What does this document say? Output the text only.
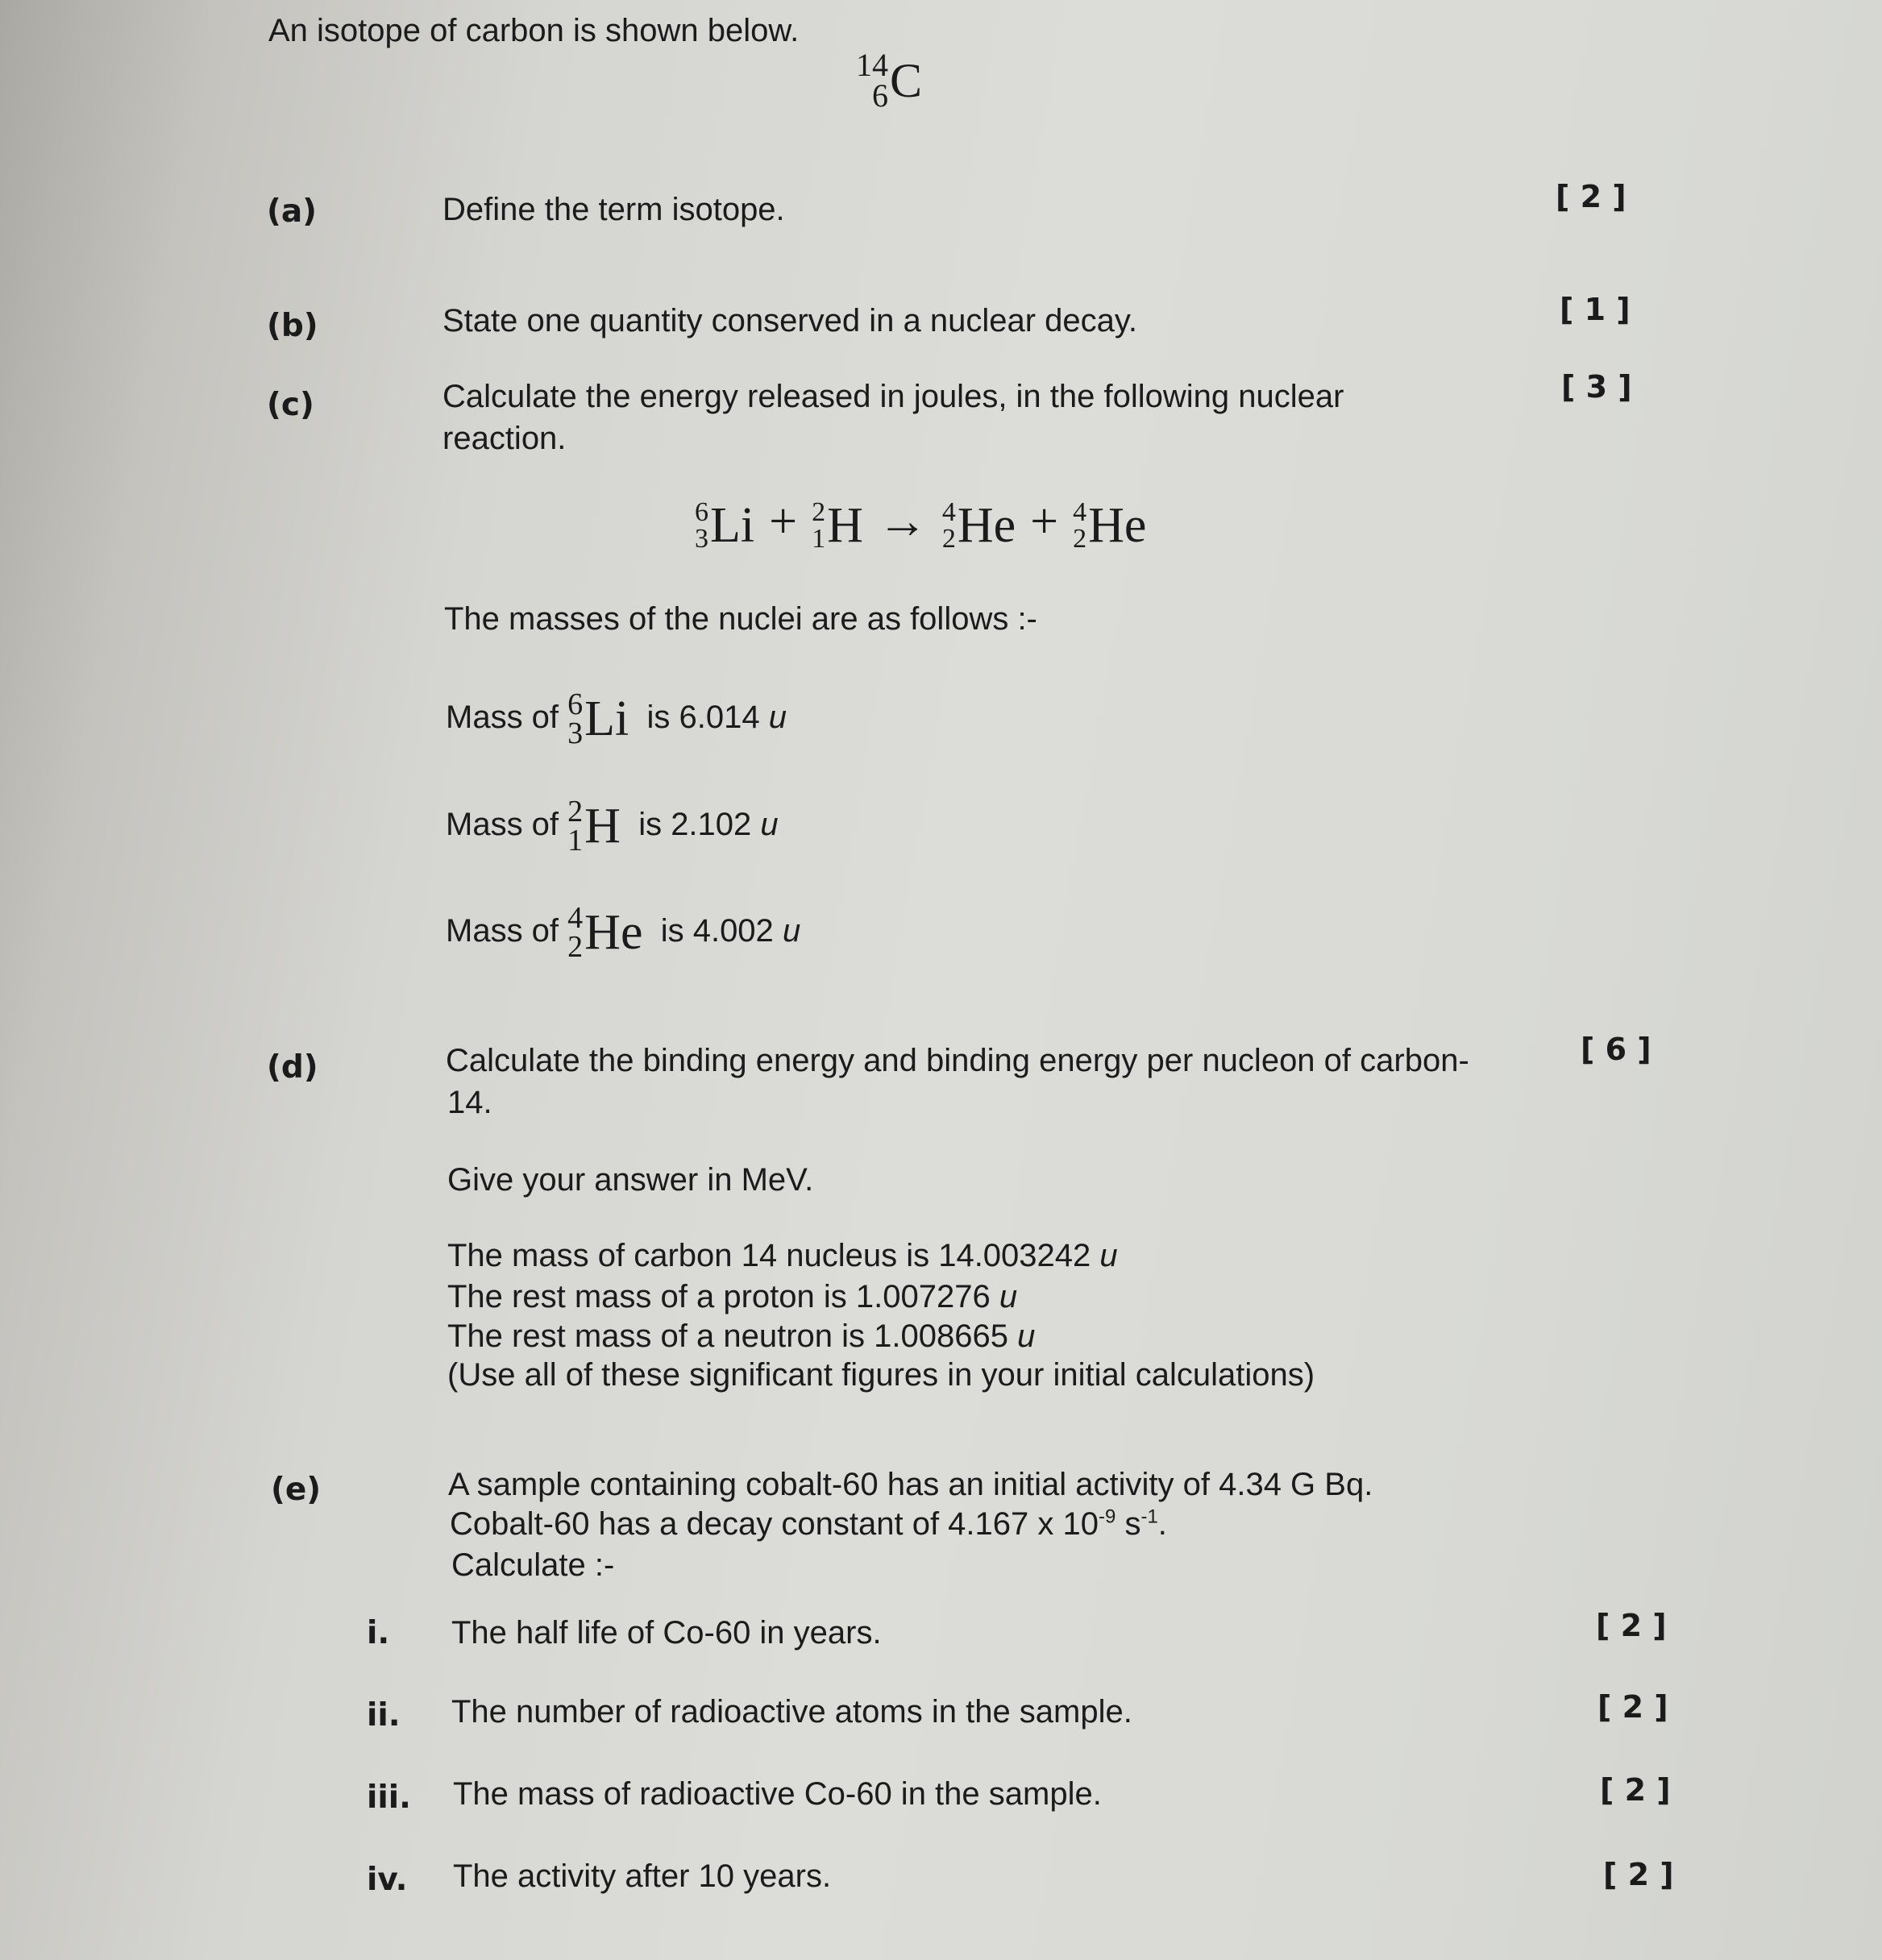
An isotope of carbon is shown below.
14
6 C
(a)	Define the term isotope.	[ 2 ]
(b)	State one quantity conserved in a nuclear decay.	[ 1 ]
(c)	Calculate the energy released in joules, in the following nuclear
reaction.
[ 3 ]
6
3 Li + 2
1 H → 4
2 He + 4
2 He
The masses of the nuclei are as follows :-
Mass of 6
3 Li is 6.014 u
Mass of 2
1 H is 2.102 u
Mass of 4
2 He is 4.002 u
(d)	Calculate the binding energy and binding energy per nucleon of carbon-
14.
[ 6 ]
Give your answer in MeV.
The mass of carbon 14 nucleus is 14.003242 u
The rest mass of a proton is 1.007276 u
The rest mass of a neutron is 1.008665 u
(Use all of these significant figures in your initial calculations)
(e)	A sample containing cobalt-60 has an initial activity of 4.34 G Bq.
Cobalt-60 has a decay constant of 4.167 x $10^{-9}$ $s^{-1}$.
Calculate :-
i. The half life of Co-60 in years.	[ 2 ]
ii. The number of radioactive atoms in the sample.	[ 2 ]
iii. The mass of radioactive Co-60 in the sample.	[ 2 ]
iv. The activity after 10 years.	[ 2 ]
